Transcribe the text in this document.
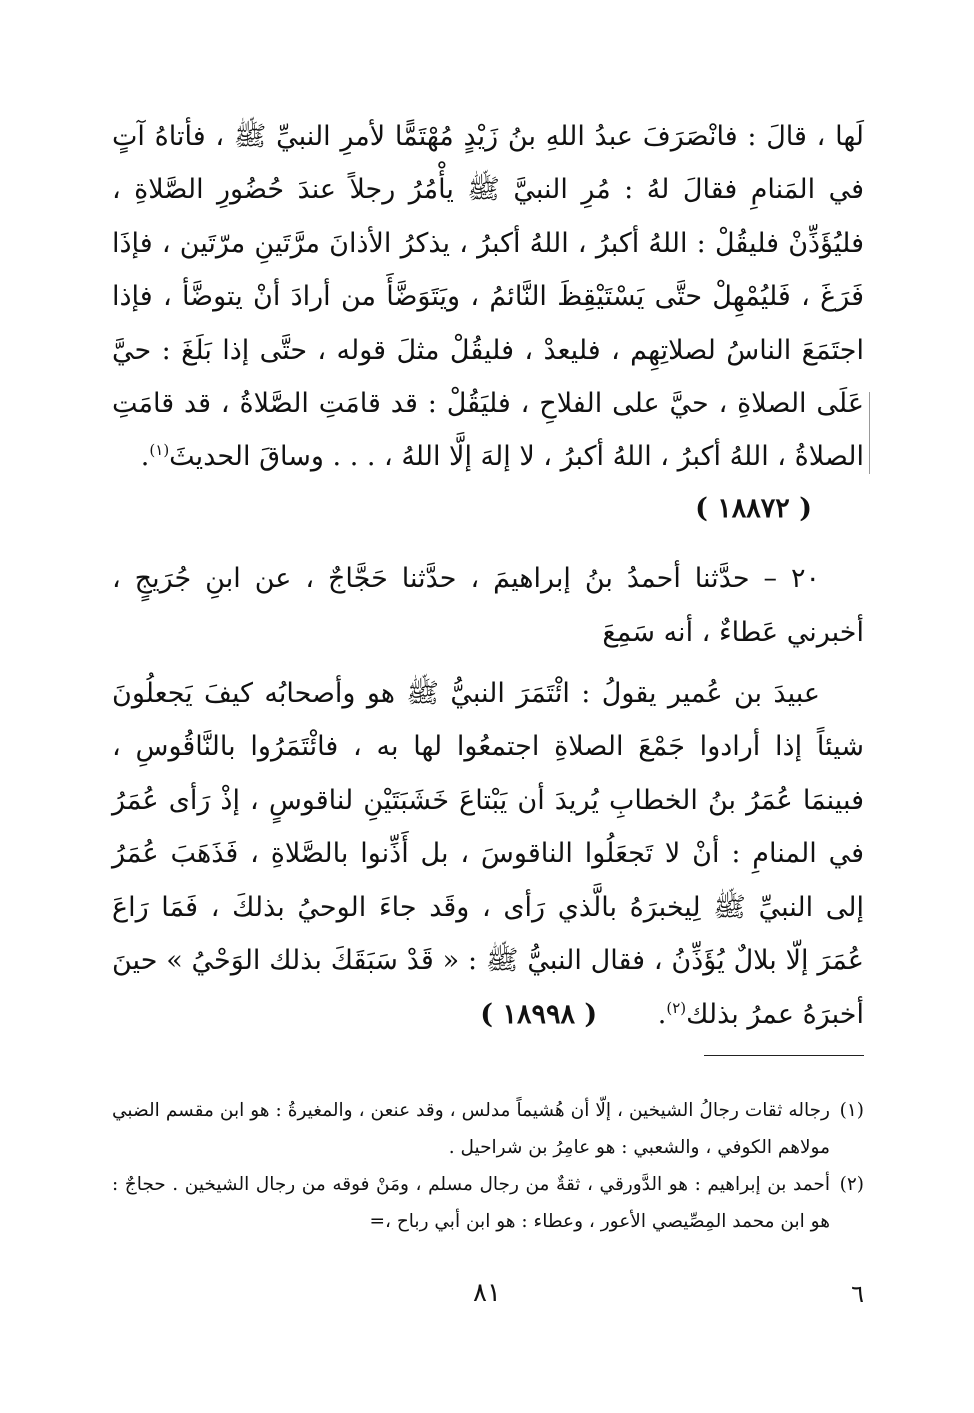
لَها ، قالَ : فانْصَرَفَ عبدُ اللهِ بنُ زَيْدٍ مُهْتَمًّا لأمرِ النبيِّ ﷺ ، فأتاهُ آتٍ في المَنامِ فقالَ لهُ : مُرِ النبيَّ ﷺ يأْمُرُ رجلاً عندَ حُضُورِ الصَّلاةِ ، فليُؤَذِّنْ فليقُلْ : اللهُ أكبرُ ، اللهُ أكبرُ ، يذكرُ الأذانَ مرَّتَينِ مرّتَين ، فإذَا فَرَغَ ، فَليُمْهِلْ حتَّى يَسْتَيْقِظَ النَّائمُ ، ويَتَوَضَّأَ من أرادَ أنْ يتوضَّأ ، فإذا اجتَمَعَ الناسُ لصلاتِهِم ، فليعدْ ، فليقُلْ مثلَ قوله ، حتَّى إذا بَلَغَ : حيَّ عَلَى الصلاةِ ، حيَّ على الفلاحِ ، فليَقُلْ : قد قامَتِ الصَّلاةُ ، قد قامَتِ الصلاةُ ، اللهُ أكبرُ ، اللهُ أكبرُ ، لا إلهَ إلَّا اللهُ ، . . . وساقَ الحديثَ$^{(١)}$.

( ١٨٨٧٢ )

٢٠ – حدَّثنا أحمدُ بنُ إبراهيمَ ، حدَّثنا حَجَّاجٌ ، عن ابنِ جُرَيجٍ ، أخبرني عَطاءٌ ، أنه سَمِعَ

عبيدَ بن عُمير يقولُ : ائْتَمَرَ النبيُّ ﷺ هو وأصحابُه كيفَ يَجعلُونَ شيئاً إذا أرادوا جَمْعَ الصلاةِ اجتمعُوا لها به ، فائْتَمَرُوا بالنَّاقُوسِ ، فبينمَا عُمَرُ بنُ الخطابِ يُريدَ أن يَبْتاعَ خَشَبَتَيْنِ لناقوسٍ ، إذْ رَأى عُمَرُ في المنامِ : أنْ لا تَجعَلُوا الناقوسَ ، بل أَذِّنوا بالصَّلاةِ ، فَذَهَبَ عُمَرُ إلى النبيِّ ﷺ لِيخبرَهُ بالَّذي رَأى ، وقَد جاءَ الوحيُ بذلكَ ، فَمَا رَاعَ عُمَرَ إلّا بلالٌ يُؤَذِّنُ ، فقال النبيُّ ﷺ : « قَدْ سَبَقَكَ بذلك الوَحْيُ » حينَ أخبرَهُ عمرُ بذلك$^{(٢)}$. ( ١٨٩٩٨ )

(١)
رجاله ثقات رجالُ الشيخين ، إلّا أن هُشيماً مدلس ، وقد عنعن ، والمغيرةُ : هو ابن مقسم الضبي مولاهم الكوفي ، والشعبي : هو عامِرُ بن شراحيل .

(٢)
أحمد بن إبراهيم : هو الدَّورقي ، ثقةٌ من رجال مسلم ، ومَنْ فوقه من رجال الشيخين . حجاجٌ : هو ابن محمد المِصِّيصي الأعور ، وعطاء : هو ابن أبي رباح ،=

٨١	٦
